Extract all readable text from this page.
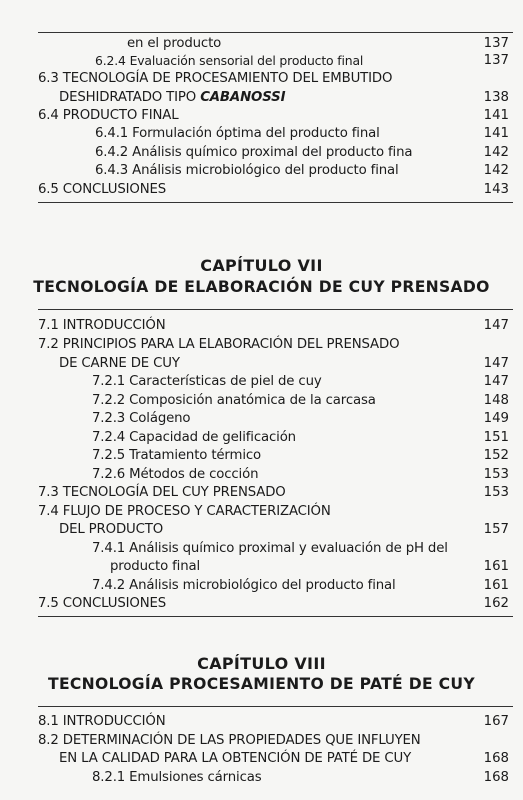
en el producto	137
6.2.4 Evaluación sensorial del producto final	137
6.3 TECNOLOGÍA DE PROCESAMIENTO DEL EMBUTIDO
DESHIDRATADO TIPO CABANOSSI	138
6.4 PRODUCTO FINAL	141
6.4.1 Formulación óptima del producto final	141
6.4.2 Análisis químico proximal del producto fina	142
6.4.3 Análisis microbiológico del producto final	142
6.5 CONCLUSIONES	143
CAPÍTULO VII
TECNOLOGÍA DE ELABORACIÓN DE CUY PRENSADO
7.1 INTRODUCCIÓN	147
7.2 PRINCIPIOS PARA LA ELABORACIÓN DEL PRENSADO
DE CARNE DE CUY	147
7.2.1 Características de piel de cuy	147
7.2.2 Composición anatómica de la carcasa	148
7.2.3 Colágeno	149
7.2.4 Capacidad de gelificación	151
7.2.5 Tratamiento térmico	152
7.2.6 Métodos de cocción	153
7.3 TECNOLOGÍA DEL CUY PRENSADO	153
7.4 FLUJO DE PROCESO Y CARACTERIZACIÓN
DEL PRODUCTO	157
7.4.1 Análisis químico proximal y evaluación de pH del
producto final	161
7.4.2 Análisis microbiológico del producto final	161
7.5 CONCLUSIONES	162
CAPÍTULO VIII
TECNOLOGÍA PROCESAMIENTO DE PATÉ DE CUY
8.1 INTRODUCCIÓN	167
8.2 DETERMINACIÓN DE LAS PROPIEDADES QUE INFLUYEN
EN LA CALIDAD PARA LA OBTENCIÓN DE PATÉ DE CUY	168
8.2.1 Emulsiones cárnicas	168
